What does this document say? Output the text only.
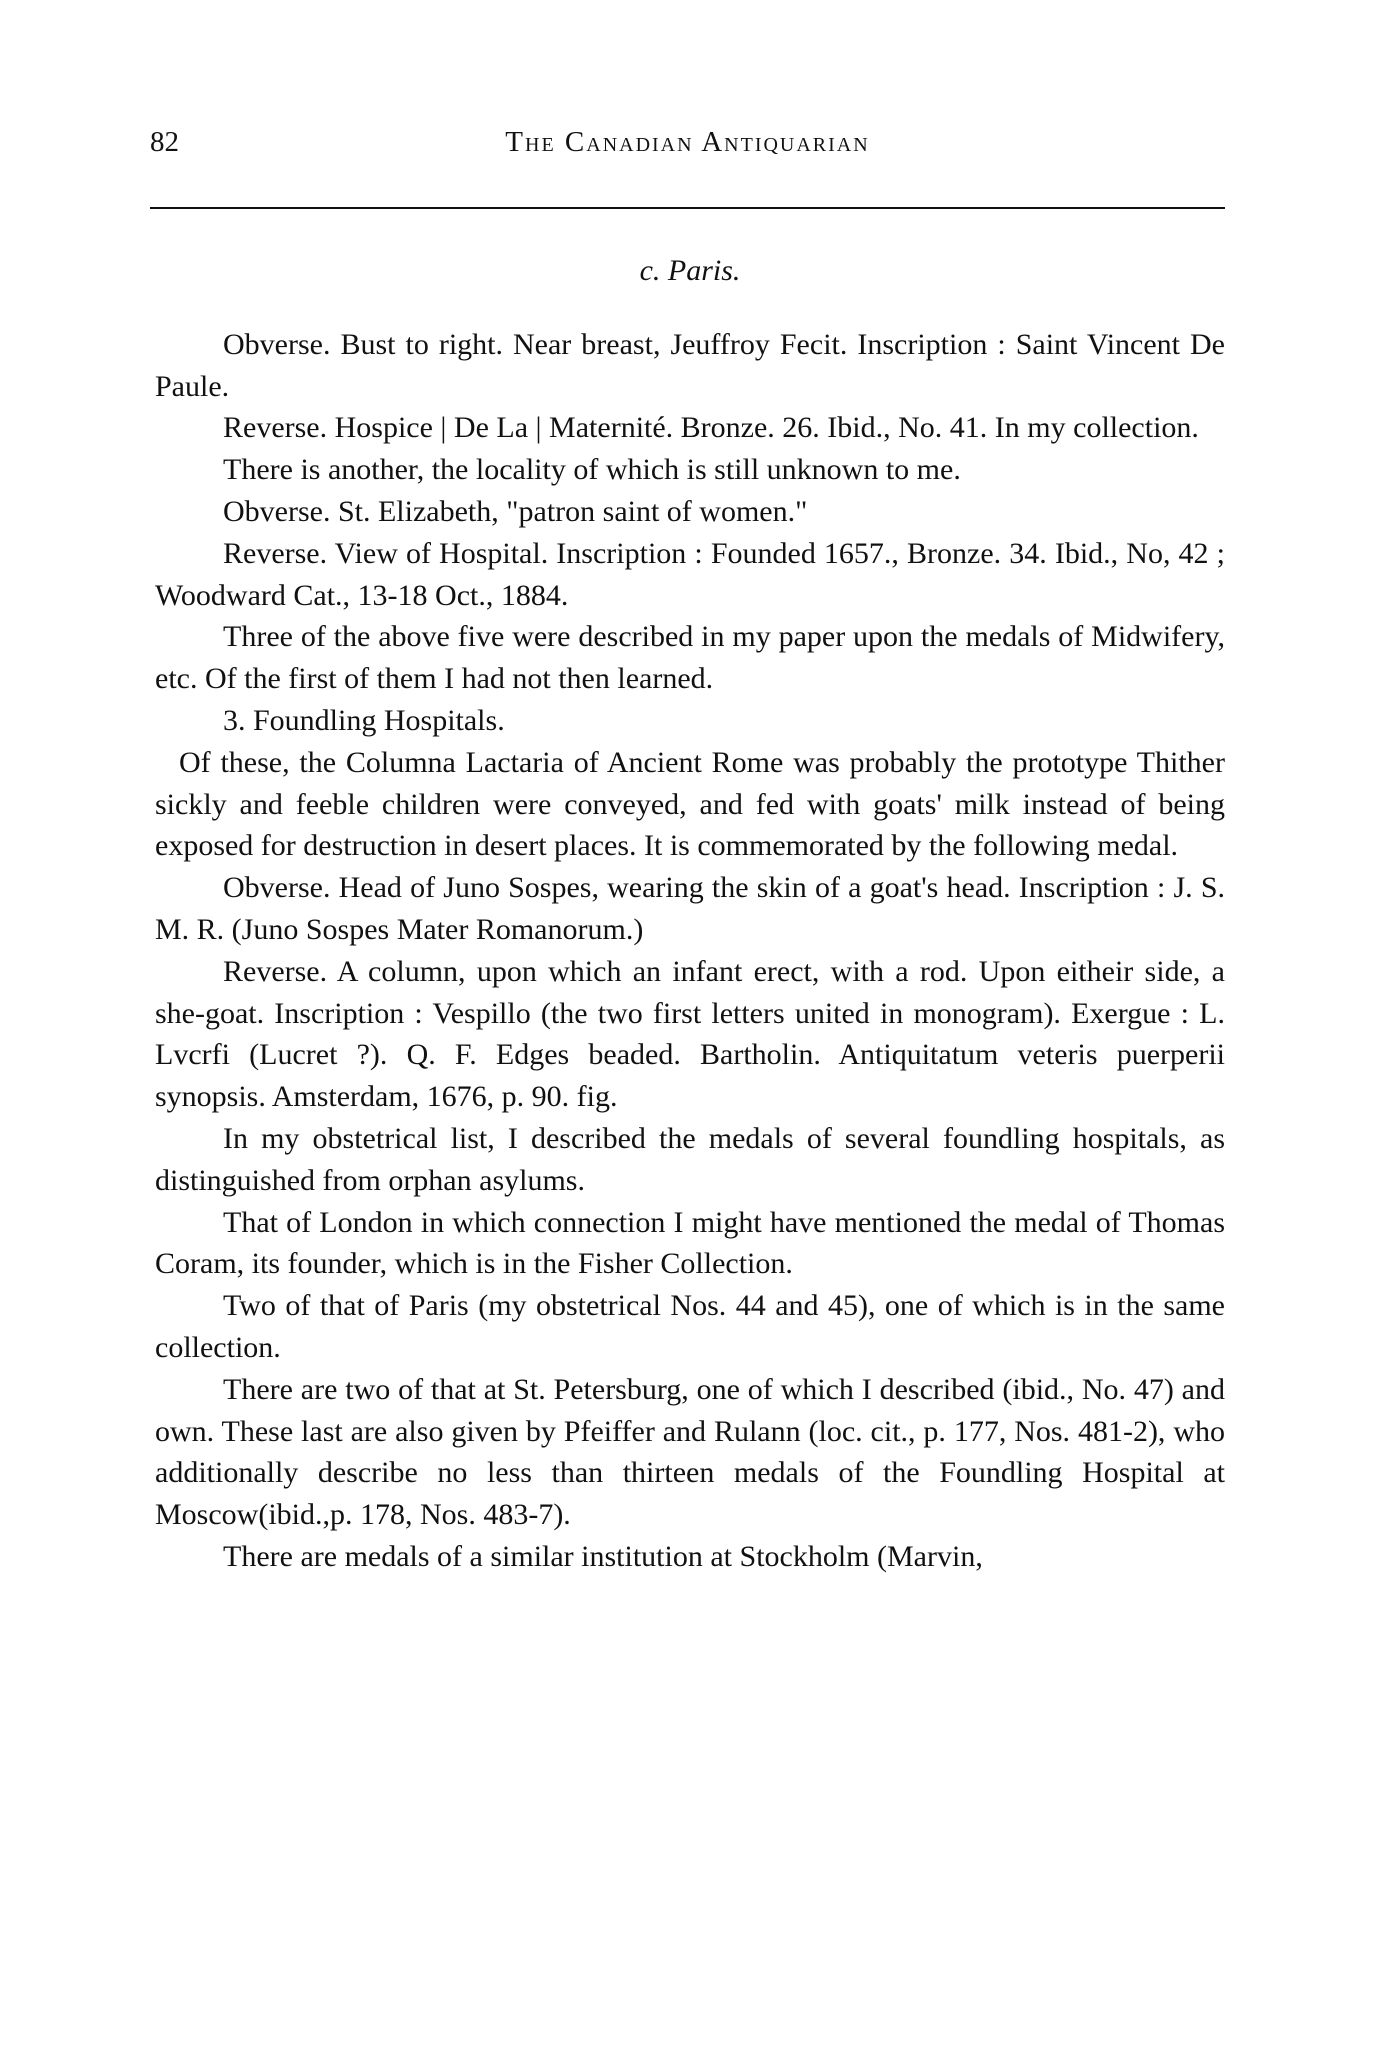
82	The Canadian Antiquarian
c. Paris.

Obverse. Bust to right. Near breast, Jeuffroy Fecit. Inscription : Saint Vincent De Paule.

Reverse. Hospice | De La | Maternité. Bronze. 26. Ibid., No. 41. In my collection.

There is another, the locality of which is still unknown to me.

Obverse. St. Elizabeth, "patron saint of women."

Reverse. View of Hospital. Inscription : Founded 1657., Bronze. 34. Ibid., No, 42 ; Woodward Cat., 13-18 Oct., 1884.

Three of the above five were described in my paper upon the medals of Midwifery, etc. Of the first of them I had not then learned.

3. Foundling Hospitals.

Of these, the Columna Lactaria of Ancient Rome was probably the prototype Thither sickly and feeble children were conveyed, and fed with goats' milk instead of being exposed for destruction in desert places. It is commemorated by the following medal.

Obverse. Head of Juno Sospes, wearing the skin of a goat's head. Inscription : J. S. M. R. (Juno Sospes Mater Romanorum.)

Reverse. A column, upon which an infant erect, with a rod. Upon eitheir side, a she-goat. Inscription : Vespillo (the two first letters united in monogram). Exergue : L. Lvcrfi (Lucret ?). Q. F. Edges beaded. Bartholin. Antiquitatum veteris puerperii synopsis. Amsterdam, 1676, p. 90. fig.

In my obstetrical list, I described the medals of several foundling hospitals, as distinguished from orphan asylums.

That of London in which connection I might have mentioned the medal of Thomas Coram, its founder, which is in the Fisher Collection.

Two of that of Paris (my obstetrical Nos. 44 and 45), one of which is in the same collection.

There are two of that at St. Petersburg, one of which I described (ibid., No. 47) and own. These last are also given by Pfeiffer and Rulann (loc. cit., p. 177, Nos. 481-2), who additionally describe no less than thirteen medals of the Foundling Hospital at Moscow(ibid.,p. 178, Nos. 483-7).

There are medals of a similar institution at Stockholm (Marvin,
